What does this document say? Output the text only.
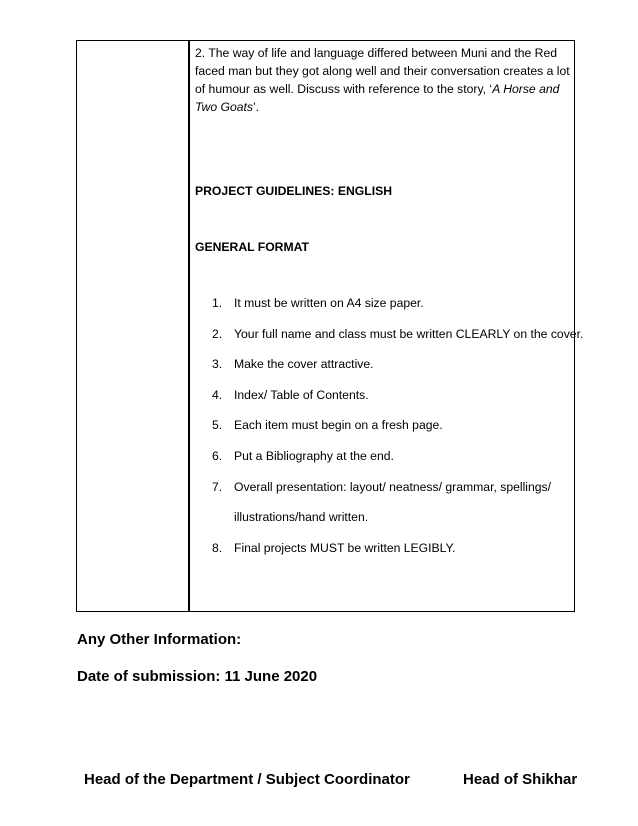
2. The way of life and language differed between Muni and the Red faced man but they got along well and their conversation creates a lot of humour as well. Discuss with reference to the story, ‘A Horse and Two Goats’.
PROJECT GUIDELINES: ENGLISH
GENERAL FORMAT
1. It must be written on A4 size paper.
2. Your full name and class must be written CLEARLY on the cover.
3. Make the cover attractive.
4. Index/ Table of Contents.
5. Each item must begin on a fresh page.
6. Put a Bibliography at the end.
7. Overall presentation: layout/ neatness/ grammar, spellings/
illustrations/hand written.
8. Final projects MUST be written LEGIBLY.
Any Other Information:
Date of submission: 11 June 2020
Head of the Department / Subject Coordinator	Head of Shikhar
